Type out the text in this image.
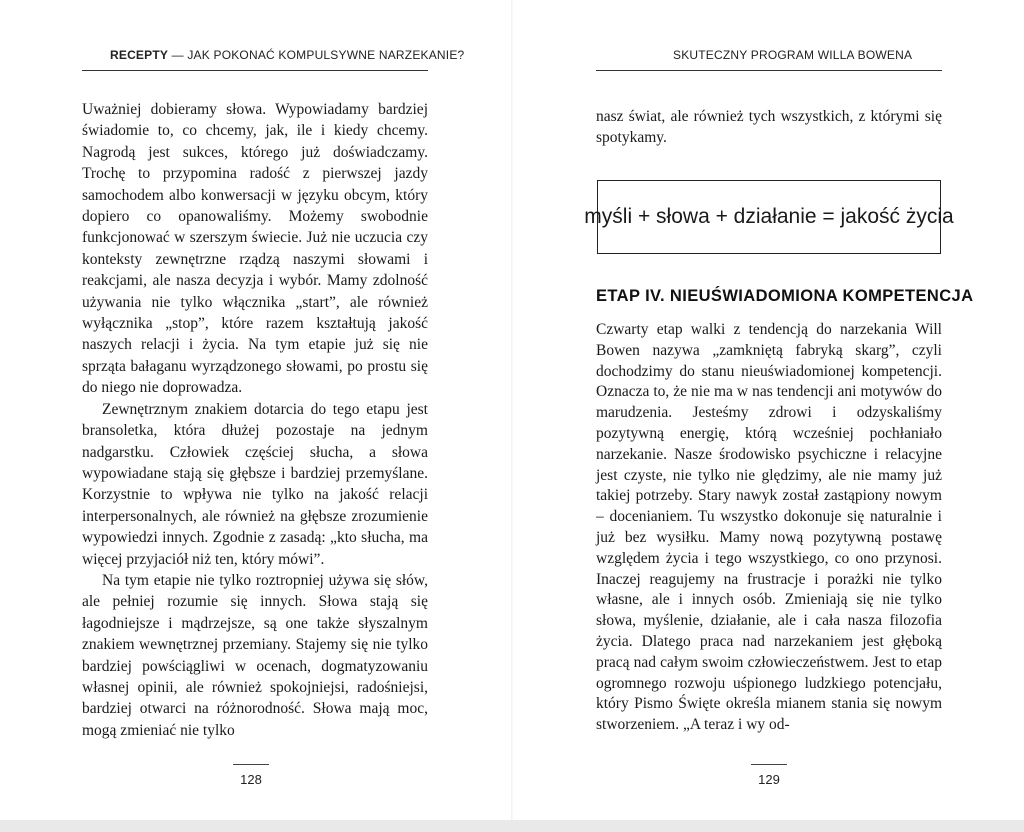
RECEPTY — JAK POKONAĆ KOMPULSYWNE NARZEKANIE?

Uważniej dobieramy słowa. Wypowiadamy bardziej świadomie to, co chcemy, jak, ile i kiedy chcemy. Nagrodą jest sukces, którego już doświadczamy. Trochę to przypomina radość z pierwszej jazdy samochodem albo konwersacji w języku obcym, który dopiero co opanowaliśmy. Możemy swobodnie funkcjonować w szerszym świecie. Już nie uczucia czy konteksty zewnętrzne rządzą naszymi słowami i reakcjami, ale nasza decyzja i wybór. Mamy zdolność używania nie tylko włącznika „start”, ale również wyłącznika „stop”, które razem kształtują jakość naszych relacji i życia. Na tym etapie już się nie sprząta bałaganu wyrządzonego słowami, po prostu się do niego nie doprowadza.

Zewnętrznym znakiem dotarcia do tego etapu jest bransoletka, która dłużej pozostaje na jednym nadgarstku. Człowiek częściej słucha, a słowa wypowiadane stają się głębsze i bardziej przemyślane. Korzystnie to wpływa nie tylko na jakość relacji interpersonalnych, ale również na głębsze zrozumienie wypowiedzi innych. Zgodnie z zasadą: „kto słucha, ma więcej przyjaciół niż ten, który mówi”.

Na tym etapie nie tylko roztropniej używa się słów, ale pełniej rozumie się innych. Słowa stają się łagodniejsze i mądrzejsze, są one także słyszalnym znakiem wewnętrznej przemiany. Stajemy się nie tylko bardziej powściągliwi w ocenach, dogmatyzowaniu własnej opinii, ale również spokojniejsi, radośniejsi, bardziej otwarci na różnorodność. Słowa mają moc, mogą zmieniać nie tylko

128
SKUTECZNY PROGRAM WILLA BOWENA

nasz świat, ale również tych wszystkich, z którymi się spotykamy.

myśli + słowa + działanie = jakość życia
ETAP IV. NIEUŚWIADOMIONA KOMPETENCJA

Czwarty etap walki z tendencją do narzekania Will Bowen nazywa „zamkniętą fabryką skarg”, czyli dochodzimy do stanu nieuświadomionej kompetencji. Oznacza to, że nie ma w nas tendencji ani motywów do marudzenia. Jesteśmy zdrowi i odzyskaliśmy pozytywną energię, którą wcześniej pochłaniało narzekanie. Nasze środowisko psychiczne i relacyjne jest czyste, nie tylko nie ględzimy, ale nie mamy już takiej potrzeby. Stary nawyk został zastąpiony nowym – docenianiem. Tu wszystko dokonuje się naturalnie i już bez wysiłku. Mamy nową pozytywną postawę względem życia i tego wszystkiego, co ono przynosi. Inaczej reagujemy na frustracje i porażki nie tylko własne, ale i innych osób. Zmieniają się nie tylko słowa, myślenie, działanie, ale i cała nasza filozofia życia. Dlatego praca nad narzekaniem jest głęboką pracą nad całym swoim człowieczeństwem. Jest to etap ogromnego rozwoju uśpionego ludzkiego potencjału, który Pismo Święte określa mianem stania się nowym stworzeniem. „A teraz i wy od-

129
